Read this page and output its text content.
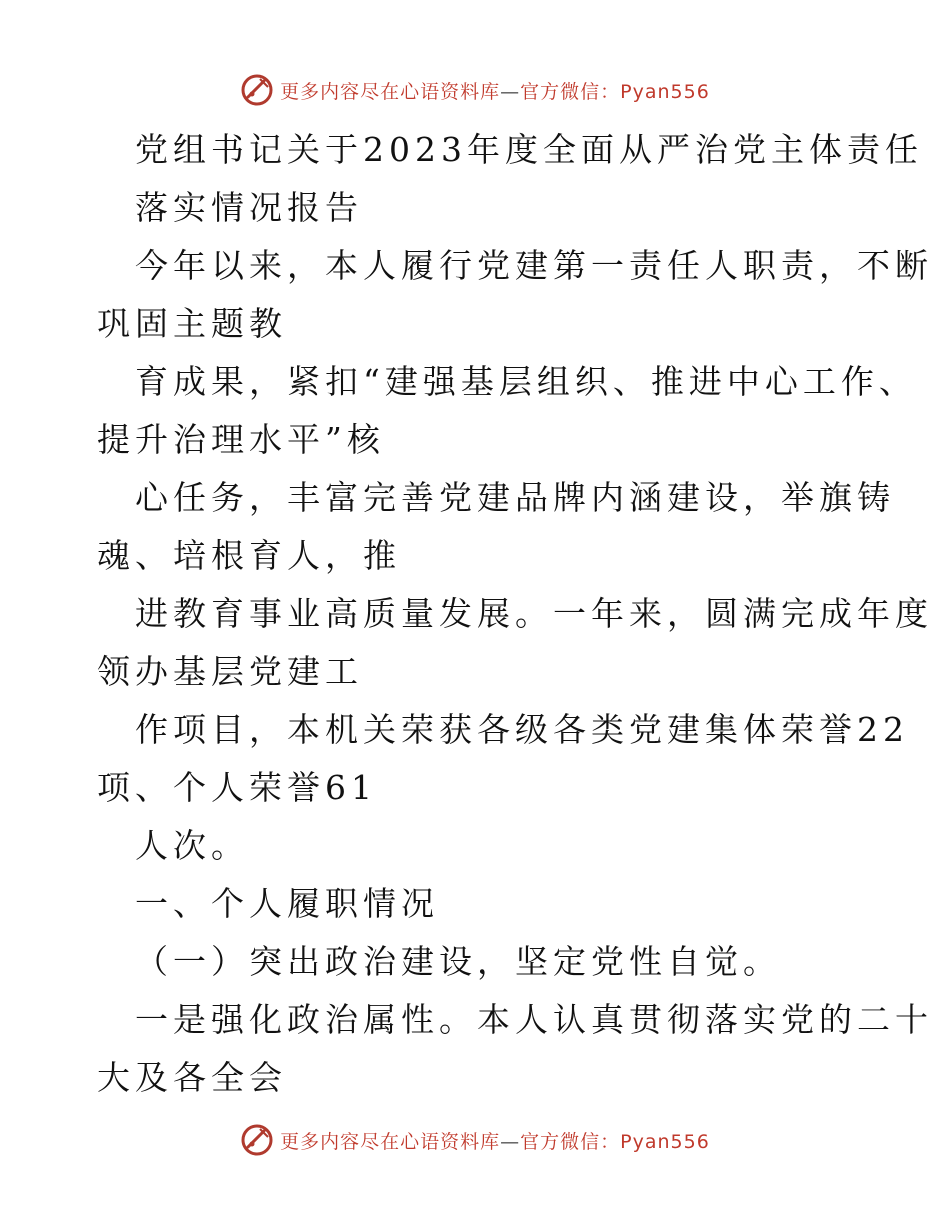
更多内容尽在心语资料库—官方微信：Pyan556
党组书记关于2023年度全面从严治党主体责任
落实情况报告
今年以来，本人履行党建第一责任人职责，不断
巩固主题教
育成果，紧扣“建强基层组织、推进中心工作、
提升治理水平”核
心任务，丰富完善党建品牌内涵建设，举旗铸
魂、培根育人，推
进教育事业高质量发展。一年来，圆满完成年度
领办基层党建工
作项目，本机关荣获各级各类党建集体荣誉22
项、个人荣誉61
人次。
一、个人履职情况
（一）突出政治建设，坚定党性自觉。
一是强化政治属性。本人认真贯彻落实党的二十
大及各全会
更多内容尽在心语资料库—官方微信：Pyan556
